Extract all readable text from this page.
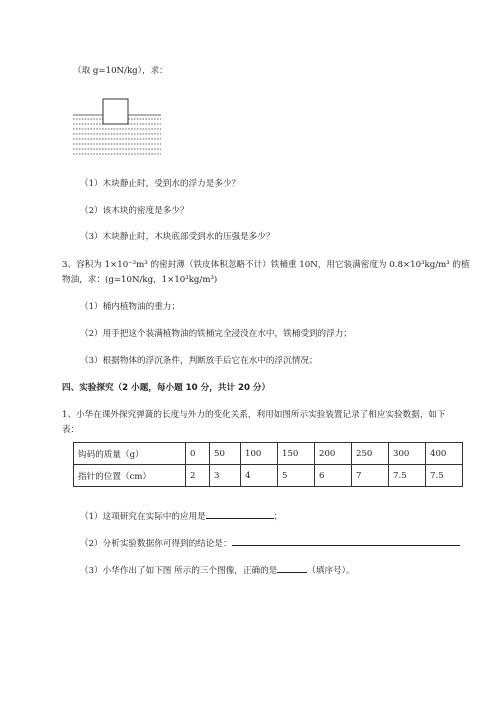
（取 g=10N/kg），求：
（1）木块静止时，受到水的浮力是多少？
（2）该木块的密度是多少？
（3）木块静止时，木块底部受到水的压强是多少？
3、容积为 1×10⁻²m³ 的密封薄（铁皮体积忽略不计）铁桶重 10N，用它装满密度为 0.8×10³kg/m³ 的植
物油，求：(g=10N/kg，1×10³kg/m³)
（1）桶内植物油的重力；
（2）用手把这个装满植物油的铁桶完全浸没在水中，铁桶受到的浮力；
（3）根据物体的浮沉条件，判断放手后它在水中的浮沉情况；
四、实验探究（2 小题，每小题 10 分，共计 20 分）
1、小华在课外探究弹簧的长度与外力的变化关系，利用如图所示实验装置记录了相应实验数据，如下
表：
钩码的质量（g）	0	50	100	150	200	250	300	400
指针的位置（cm）	2	3	4	5	6	7	7.5	7.5
（1）这项研究在实际中的应用是	；
（2）分析实验数据你可得到的结论是：
（3）小华作出了如下图 所示的三个图像，正确的是	（填序号）。
